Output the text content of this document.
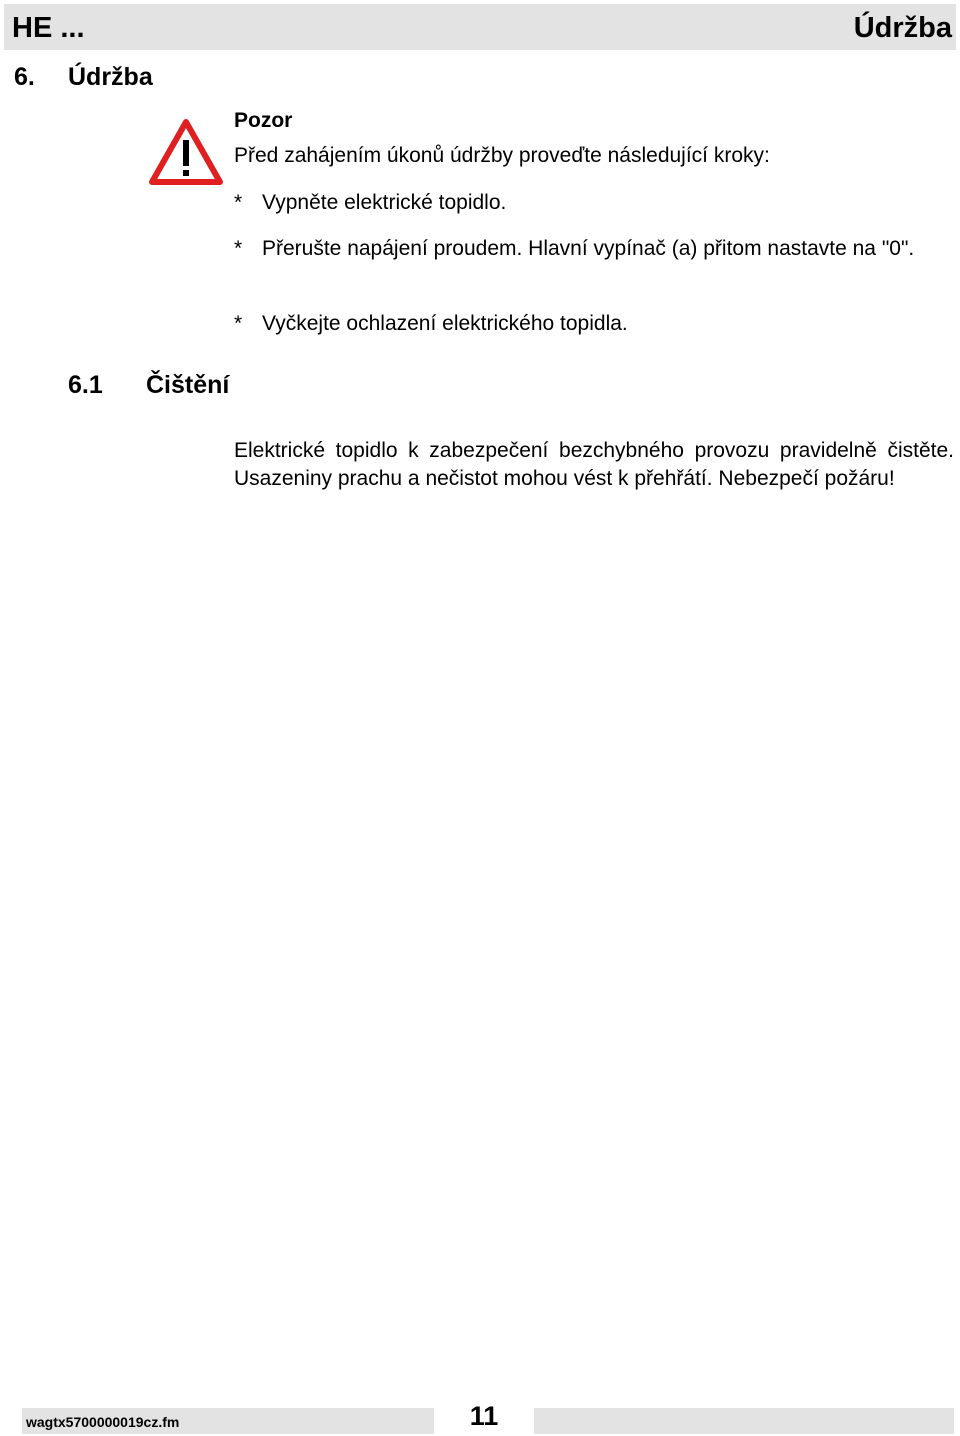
HE ...	Údržba
6. Údržba
Pozor
Před zahájením úkonů údržby proveďte následující kroky:
* Vypněte elektrické topidlo.
* Přerušte napájení proudem. Hlavní vypínač (a) přitom nastavte na "0".
* Vyčkejte ochlazení elektrického topidla.
6.1 Čištění
Elektrické topidlo k zabezpečení bezchybného provozu pravidelně čistěte. Usazeniny prachu a nečistot mohou vést k přehřátí. Nebezpečí požáru!
wagtx5700000019cz.fm	11
